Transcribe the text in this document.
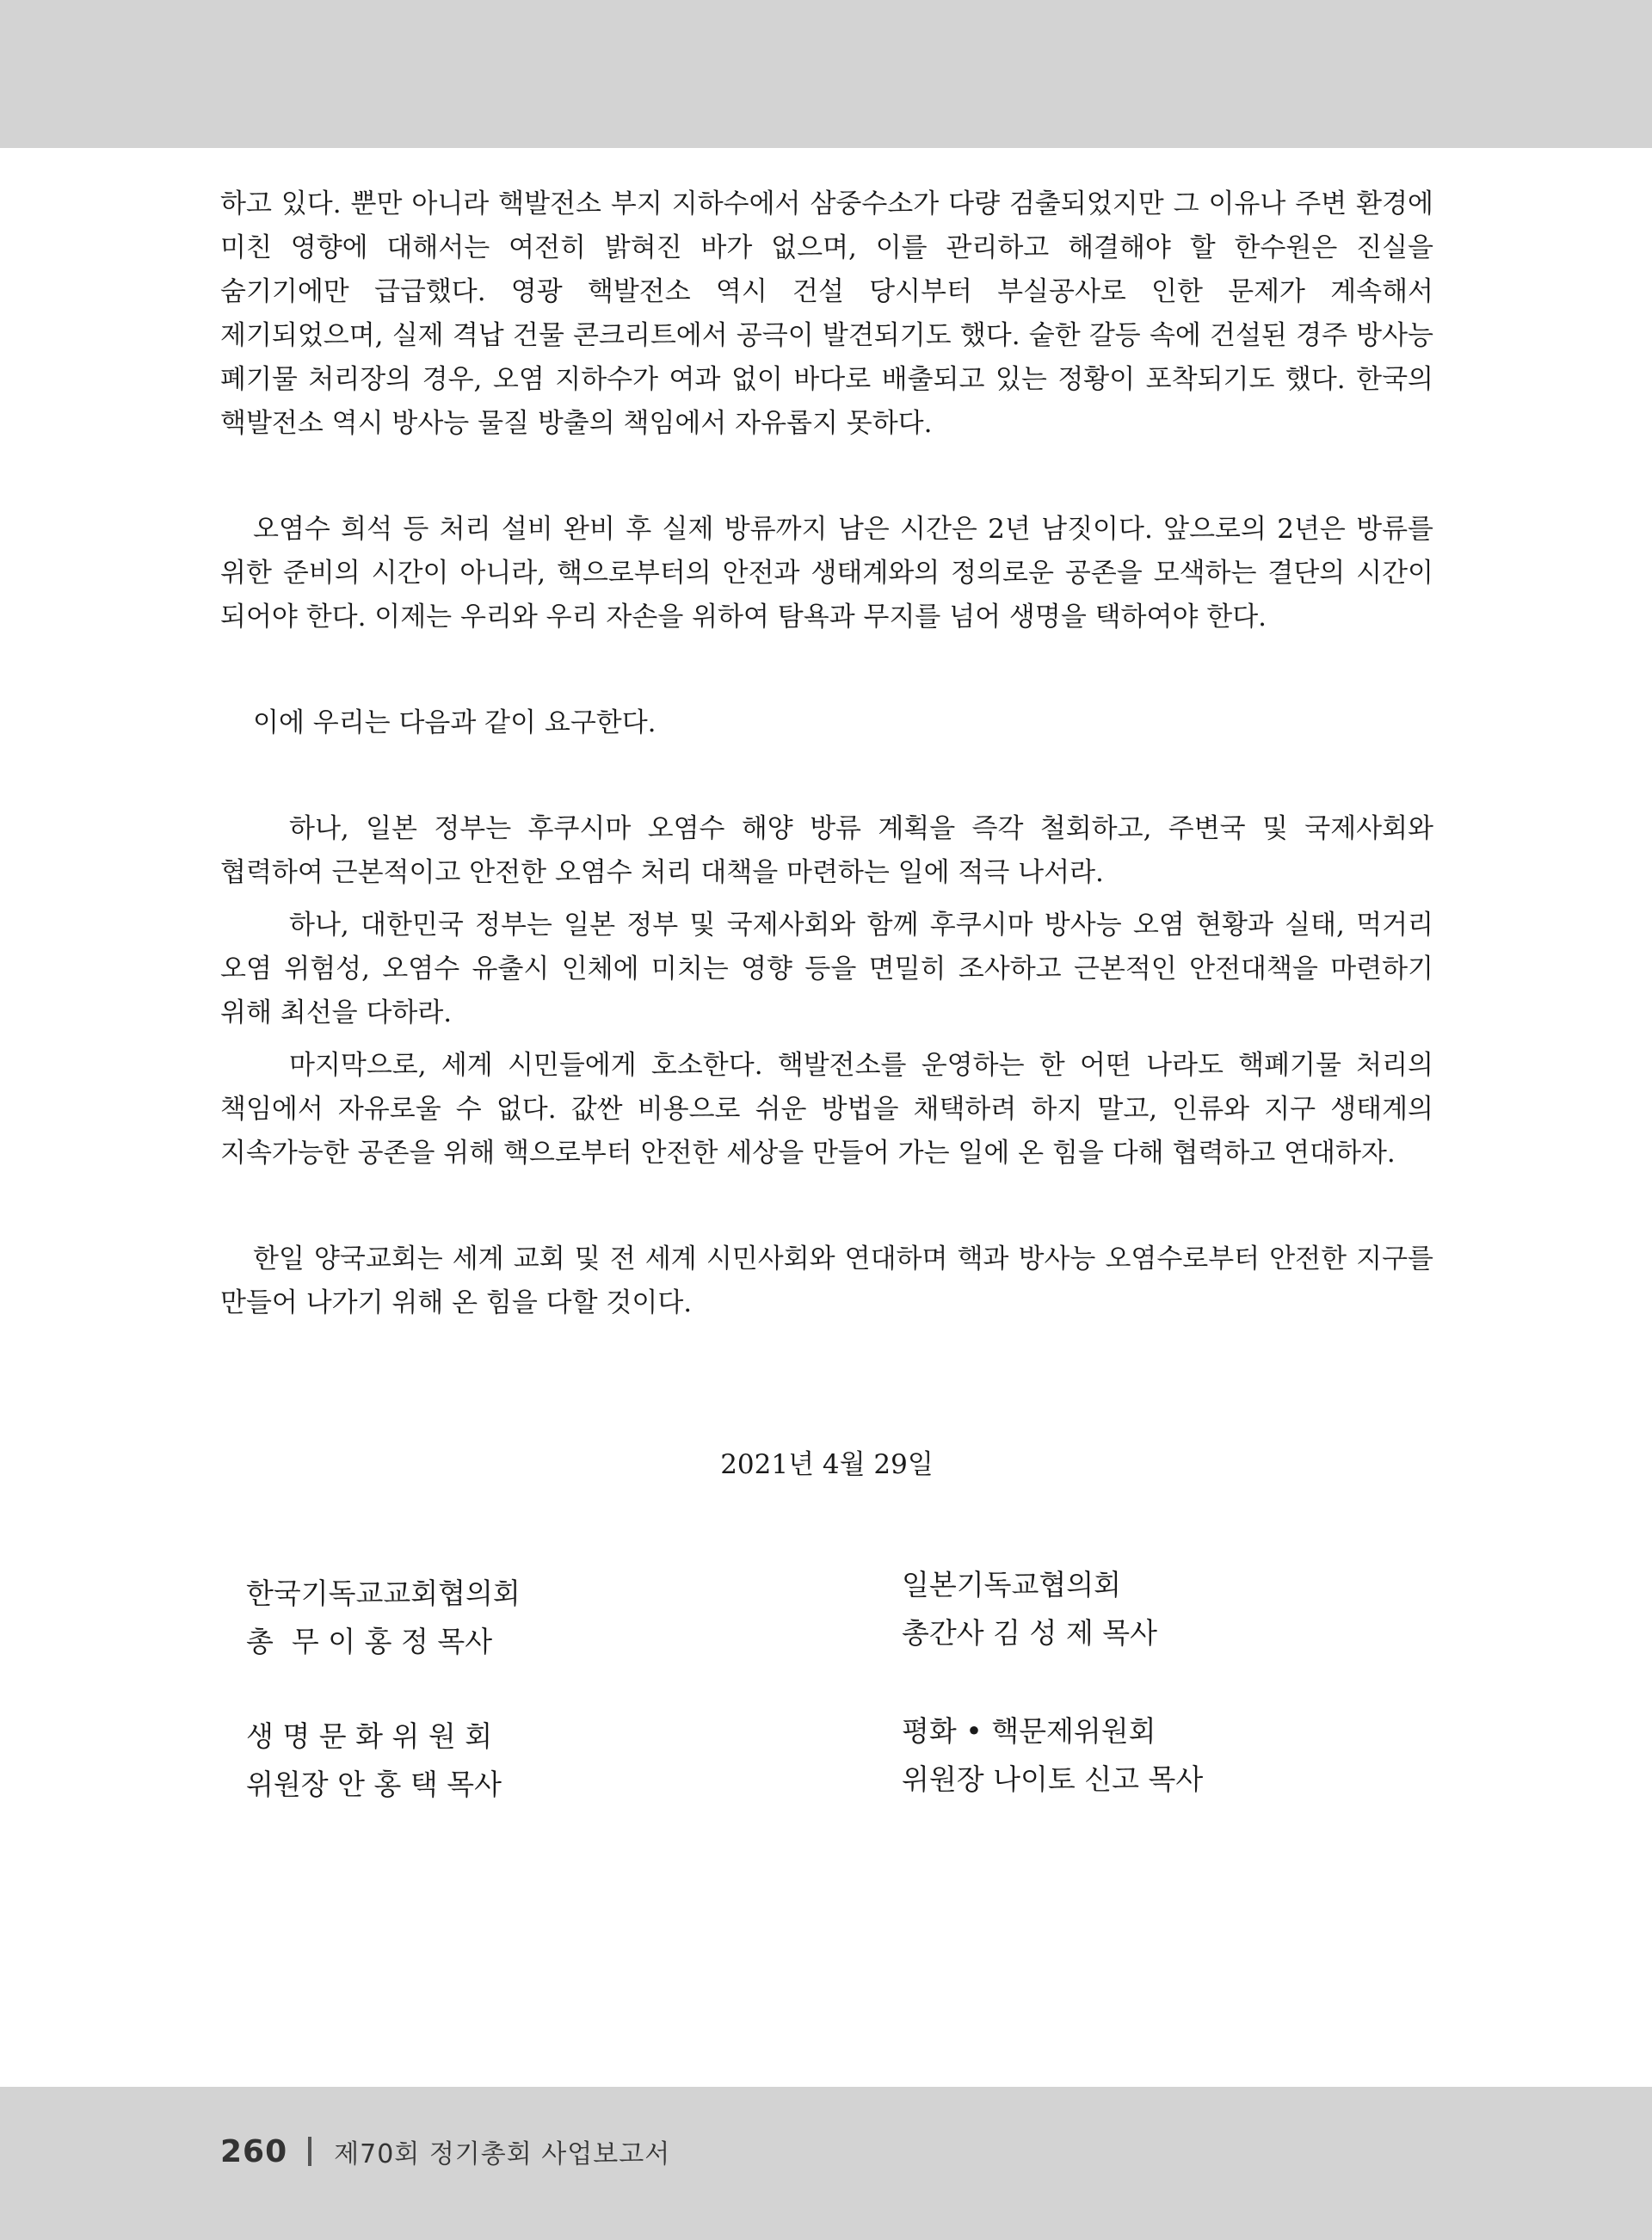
하고 있다. 뿐만 아니라 핵발전소 부지 지하수에서 삼중수소가 다량 검출되었지만 그 이유나 주변 환경에 미친 영향에 대해서는 여전히 밝혀진 바가 없으며, 이를 관리하고 해결해야 할 한수원은 진실을 숨기기에만 급급했다. 영광 핵발전소 역시 건설 당시부터 부실공사로 인한 문제가 계속해서 제기되었으며, 실제 격납 건물 콘크리트에서 공극이 발견되기도 했다. 숱한 갈등 속에 건설된 경주 방사능 폐기물 처리장의 경우, 오염 지하수가 여과 없이 바다로 배출되고 있는 정황이 포착되기도 했다. 한국의 핵발전소 역시 방사능 물질 방출의 책임에서 자유롭지 못하다.

오염수 희석 등 처리 설비 완비 후 실제 방류까지 남은 시간은 2년 남짓이다. 앞으로의 2년은 방류를 위한 준비의 시간이 아니라, 핵으로부터의 안전과 생태계와의 정의로운 공존을 모색하는 결단의 시간이 되어야 한다. 이제는 우리와 우리 자손을 위하여 탐욕과 무지를 넘어 생명을 택하여야 한다.

이에 우리는 다음과 같이 요구한다.

하나, 일본 정부는 후쿠시마 오염수 해양 방류 계획을 즉각 철회하고, 주변국 및 국제사회와 협력하여 근본적이고 안전한 오염수 처리 대책을 마련하는 일에 적극 나서라.

하나, 대한민국 정부는 일본 정부 및 국제사회와 함께 후쿠시마 방사능 오염 현황과 실태, 먹거리 오염 위험성, 오염수 유출시 인체에 미치는 영향 등을 면밀히 조사하고 근본적인 안전대책을 마련하기 위해 최선을 다하라.

마지막으로, 세계 시민들에게 호소한다. 핵발전소를 운영하는 한 어떤 나라도 핵폐기물 처리의 책임에서 자유로울 수 없다. 값싼 비용으로 쉬운 방법을 채택하려 하지 말고, 인류와 지구 생태계의 지속가능한 공존을 위해 핵으로부터 안전한 세상을 만들어 가는 일에 온 힘을 다해 협력하고 연대하자.

한일 양국교회는 세계 교회 및 전 세계 시민사회와 연대하며 핵과 방사능 오염수로부터 안전한 지구를 만들어 나가기 위해 온 힘을 다할 것이다.

2021년 4월 29일
한국기독교교회협의회
총  무 이 홍 정 목사
일본기독교협의회
총간사 김 성 제 목사
생 명 문 화 위 원 회
위원장 안 홍 택 목사
평화 • 핵문제위원회
위원장 나이토 신고 목사
260 제70회 정기총회 사업보고서
